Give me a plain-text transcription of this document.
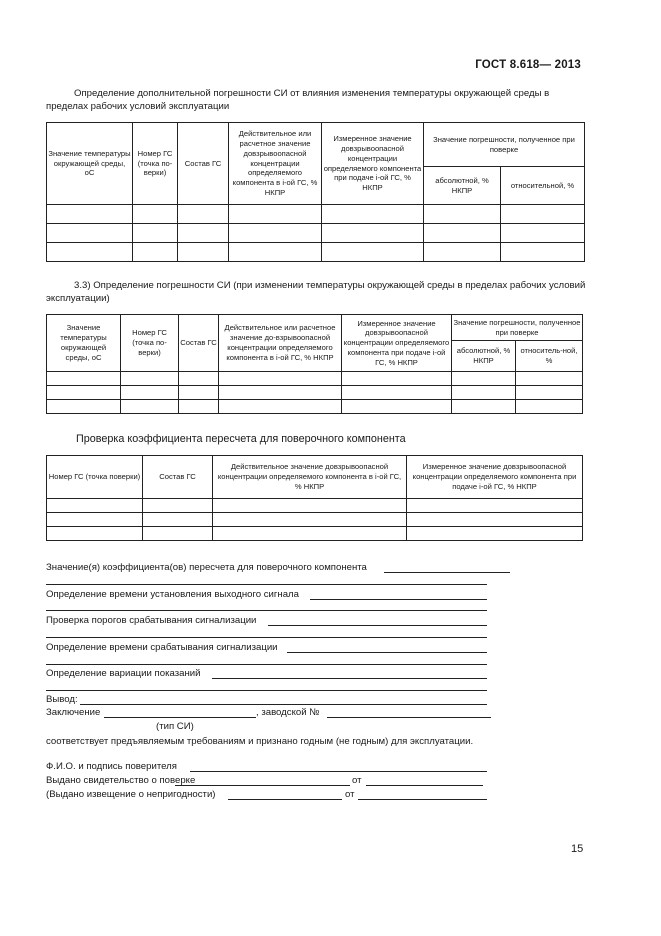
ГОСТ 8.618— 2013
Определение дополнительной погрешности СИ от влияния изменения температуры окружающей среды в пределах рабочих условий эксплуатации
Значение температуры окружающей среды, оС	Номер ГС (точка по-верки)	Состав ГС	Действительное или расчетное значение довзрывоопасной концентрации определяемого компонента в i-ой ГС, % НКПР	Измеренное значение довзрывоопасной концентрации определяемого компонента при подаче i-ой ГС, % НКПР	Значение погрешности, полученное при поверке	
					абсолютной, % НКПР	относительной, %

3.3) Определение погрешности СИ (при изменении температуры окружающей среды в пределах рабочих условий эксплуатации)
Значение температуры окружающей среды, оС	Номер ГС (точка по-верки)	Состав ГС	Действительное или расчетное значение до-взрывоопасной концентрации определяемого компонента в i-ой ГС, % НКПР	Измеренное значение довзрывоопасной концентрации определяемого компонента при подаче i-ой ГС, % НКПР	Значение погрешности, полученное при поверке	
					абсолютной, % НКПР	относитель-ной, %

Проверка коэффициента пересчета для поверочного компонента
Номер ГС (точка поверки)	Состав ГС	Действительное значение довзрывоопасной концентрации определяемого компонента в i-ой ГС, % НКПР	Измеренное значение довзрывоопасной концентрации определяемого компонента при подаче i-ой ГС, % НКПР

Значение(я) коэффициента(ов) пересчета для поверочного компонента
Определение времени установления выходного сигнала
Проверка порогов срабатывания сигнализации
Определение времени срабатывания сигнализации
Определение вариации показаний
Вывод:
Заключение	, заводской №
(тип СИ)
соответствует предъявляемым требованиям и признано годным (не годным) для эксплуатации.
Ф.И.О. и подпись поверителя
Выдано свидетельство о поверке	от
(Выдано извещение о непригодности)	от
15
